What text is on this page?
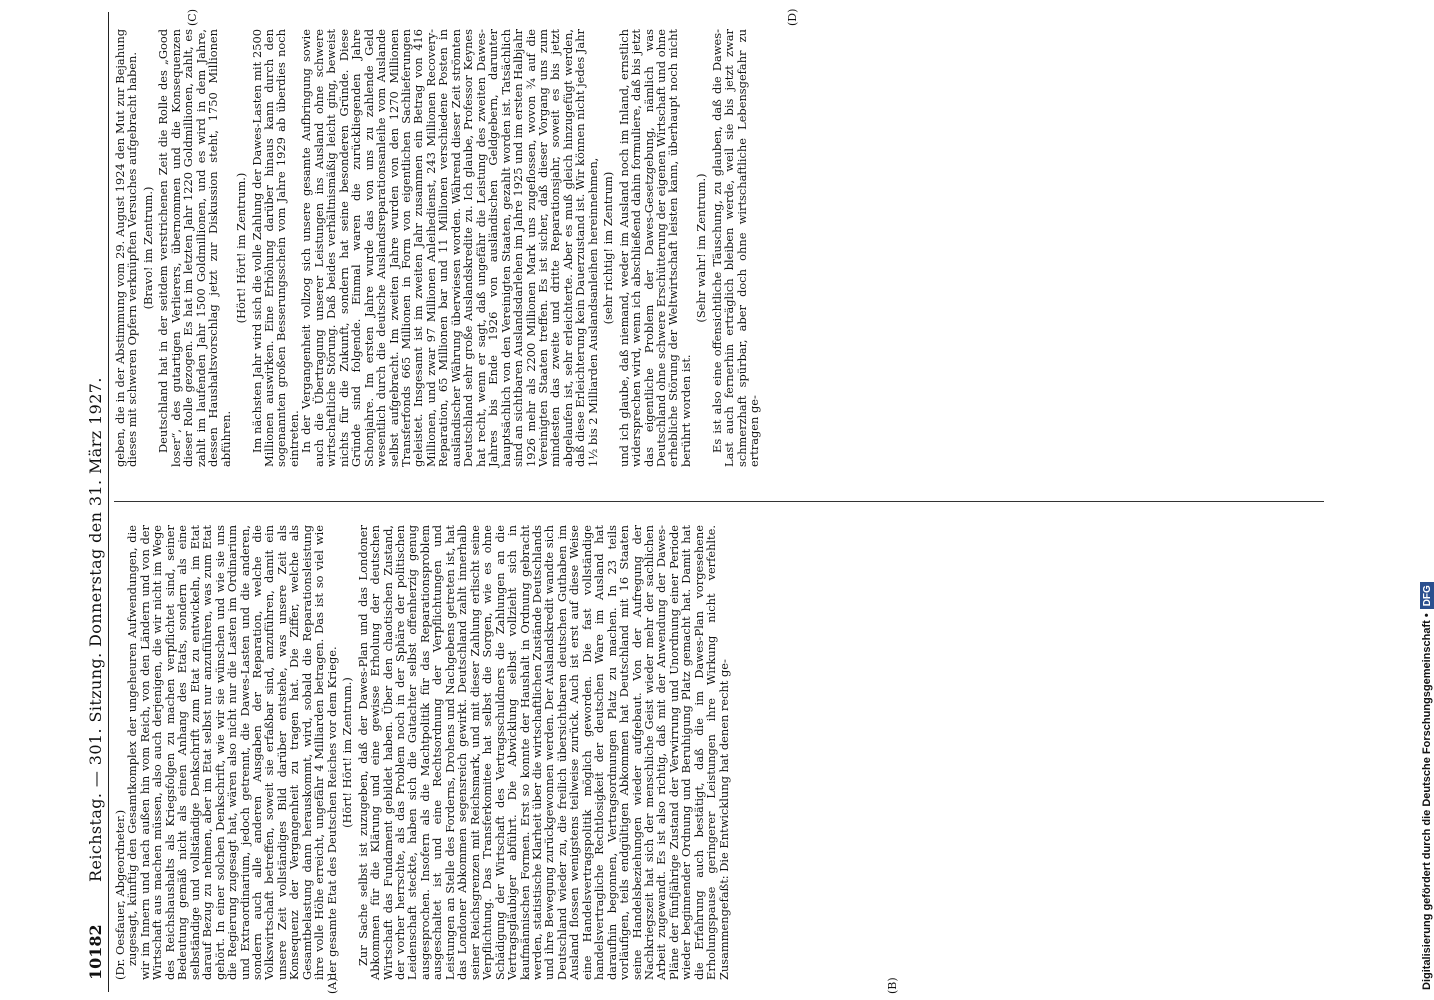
10182
Reichstag. — 301. Sitzung. Donnerstag den 31. März 1927.
(A)	(B)
(C)	(D)

(Dr. Oesfauer, Abgeordneter.)

zugesagt, künftig den Gesamtkomplex der ungeheuren Aufwendungen, die wir im Innern und nach außen hin vom Reich, von den Ländern und von der Wirtschaft aus machen müssen, also auch derjenigen, die wir nicht im Wege des Reichshaushalts als Kriegsfolgen zu machen verpflichtet sind, seiner Bedeutung gemäß nicht als einen Anhang des Etats, sondern als eine selbständige und vollständige Denkschrift zum Etat zu entwickeln, im Etat darauf Bezug zu nehmen, aber im Etat selbst nur anzuführen, was zum Etat gehört. In einer solchen Denkschrift, wie wir sie wünschen und wie sie uns die Regierung zugesagt hat, wären also nicht nur die Lasten im Ordinarium und Extraordinarium, jedoch getrennt, die Dawes-Lasten und die anderen, sondern auch alle anderen Ausgaben der Reparation, welche die Volkswirtschaft betreffen, soweit sie erfaßbar sind, anzuführen, damit ein unsere Zeit vollständiges Bild darüber entstehe, was unsere Zeit als Konsequenz der Vergangenheit zu tragen hat. Die Ziffer, welche als Gesamtbelastung dann herauskommt, wird, sobald die Reparationsleistung ihre volle Höhe erreicht, ungefähr 4 Milliarden betragen. Das ist so viel wie der gesamte Etat des Deutschen Reiches vor dem Kriege. (Hört! Hört! im Zentrum.) Zur Sache selbst ist zuzugeben, daß der Dawes-Plan und das Londoner Abkommen für die Klärung und eine gewisse Erholung der deutschen Wirtschaft das Fundament gebildet haben. Über den chaotischen Zustand, der vorher herrschte, als das Problem noch in der Sphäre der politischen Leidenschaft steckte, haben sich die Gutachter selbst offenherzig genug ausgesprochen. Insofern als die Machtpolitik für das Reparationsproblem ausgeschaltet ist und eine Rechtsordnung der Verpflichtungen und Leistungen an Stelle des Forderns, Drohens und Nachgebens getreten ist, hat das Londoner Abkommen segensreich gewirkt. Deutschland zahlt innerhalb seiner Reichsgrenzen mit Reichsmark, und mit dieser Zahlung erlischt seine Verpflichtung. Das Transferkomitee hat selbst die Sorgen, wie es ohne Schädigung der Wirtschaft des Vertragsschuldners die Zahlungen an die Vertragsgläubiger abführt. Die Abwicklung selbst vollzieht sich in kaufmännischen Formen. Erst so konnte der Haushalt in Ordnung gebracht werden, statistische Klarheit über die wirtschaftlichen Zustände Deutschlands und ihre Bewegung zurückgewonnen werden. Der Auslandskredit wandte sich Deutschland wieder zu, die freilich übersichtbaren deutschen Guthaben im Ausland flossen wenigstens teilweise zurück. Auch ist erst auf diese Weise eine Handelsvertragspolitik möglich geworden. Die fast vollständige handelsvertragliche Rechtlosigkeit der deutschen Ware im Ausland hat daraufhin begonnen, Vertragsordnungen Platz zu machen. In 23 teils vorläufigen, teils endgültigen Abkommen hat Deutschland mit 16 Staaten seine Handelsbeziehungen wieder aufgebaut. Von der Aufregung der Nachkriegszeit hat sich der menschliche Geist wieder mehr der sachlichen Arbeit zugewandt. Es ist also richtig, daß mit der Anwendung der Dawes-Pläne der fünfjährige Zustand der Verwirrung und Unordnung einer Periode wieder beginnender Ordnung und Beruhigung Platz gemacht hat. Damit hat die Erfahrung auch bestätigt, daß die im Dawes-Plan vorgesehene Erholungspause geringerer Leistungen ihre Wirkung nicht verfehlte. Zusammengefaßt: Die Entwicklung hat denen recht ge-

geben, die in der Abstimmung vom 29. August 1924 den Mut zur Bejahung dieses mit schweren Opfern verknüpften Versuches aufgebracht haben. (Bravo! im Zentrum.) Deutschland hat in der seitdem verstrichenen Zeit die Rolle des „Good loser“, des gutartigen Verlierers, übernommen und die Konsequenzen dieser Rolle gezogen. Es hat im letzten Jahr 1220 Goldmillionen, zahlt, es zahlt im laufenden Jahr 1500 Goldmillionen, und es wird in dem Jahre, dessen Haushaltsvorschlag jetzt zur Diskussion steht, 1750 Millionen abführen.

(Hört! Hört! im Zentrum.) Im nächsten Jahr wird sich die volle Zahlung der Dawes-Lasten mit 2500 Millionen auswirken. Eine Erhöhung darüber hinaus kann durch den sogenannten großen Besserungsschein vom Jahre 1929 ab überdies noch eintreten.

In der Vergangenheit vollzog sich unsere gesamte Aufbringung sowie auch die Übertragung unserer Leistungen ins Ausland ohne schwere wirtschaftliche Störung. Daß beides verhältnismäßig leicht ging, beweist nichts für die Zukunft, sondern hat seine besonderen Gründe. Diese Gründe sind folgende. Einmal waren die zurückliegenden Jahre Schonjahre. Im ersten Jahre wurde das von uns zu zahlende Geld wesentlich durch die deutsche Auslandsreparationsanleihe vom Auslande selbst aufgebracht. Im zweiten Jahre wurden von den 1270 Millionen Transferfonds 665 Millionen in Form von eigentlichen Sachlieferungen geleistet. Insgesamt ist im zweiten Jahr zusammen ein Betrag von 416 Millionen, und zwar 97 Millionen Anleihedienst, 243 Millionen Recovery-Reparation, 65 Millionen bar und 11 Millionen verschiedene Posten in ausländischer Währung überwiesen worden. Während dieser Zeit strömten Deutschland sehr große Auslandskredite zu. Ich glaube, Professor Keynes hat recht, wenn er sagt, daß ungefähr die Leistung des zweiten Dawes-Jahres bis Ende 1926 von ausländischen Geldgebern, darunter hauptsächlich von den Vereinigten Staaten, gezahlt worden ist. Tatsächlich sind an sichtbaren Auslandsdarlehen im Jahre 1925 und im ersten Halbjahr 1926 mehr als 2200 Millionen Mark uns zugeflossen, wovon ¾ auf die Vereinigten Staaten treffen. Es ist sicher, daß dieser Vorgang uns zum mindesten das zweite und dritte Reparationsjahr, soweit es bis jetzt abgelaufen ist, sehr erleichterte. Aber es muß gleich hinzugefügt werden, daß diese Erleichterung kein Dauerzustand ist. Wir können nicht jedes Jahr 1½ bis 2 Milliarden Auslandsanleihen hereinnehmen, (sehr richtig! im Zentrum) und ich glaube, daß niemand, weder im Ausland noch im Inland, ernstlich widersprechen wird, wenn ich abschließend dahin formuliere, daß bis jetzt das eigentliche Problem der Dawes-Gesetzgebung, nämlich was Deutschland ohne schwere Erschütterung der eigenen Wirtschaft und ohne erhebliche Störung der Weltwirtschaft leisten kann, überhaupt noch nicht berührt worden ist.

(Sehr wahr! im Zentrum.) Es ist also eine offensichtliche Täuschung, zu glauben, daß die Dawes-Last auch fernerhin erträglich bleiben werde, weil sie bis jetzt zwar schmerzhaft spürbar, aber doch ohne wirtschaftliche Lebensgefahr zu ertragen ge-

Digitalisierung gefördert durch die Deutsche Forschungsgemeinschaft •DFG
